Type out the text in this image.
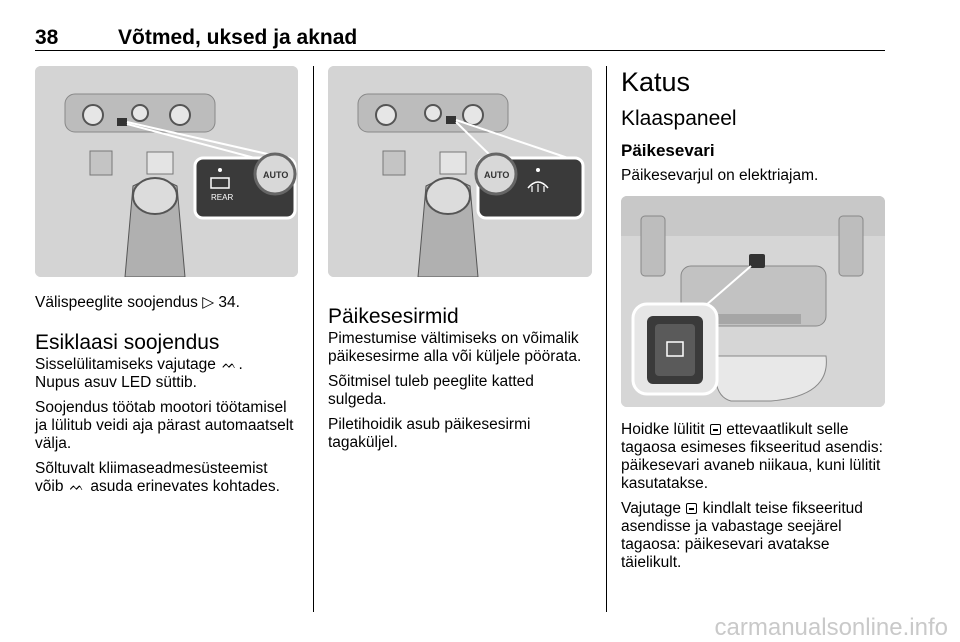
38	Võtmed, uksed ja aknad
AUTO
REAR

Välispeeglite soojendus ▷ 34.

Esiklaasi soojendus

Sisselülitamiseks vajutage ᨓ .
Nupus asuv LED süttib.

Soojendus töötab mootori töötamisel ja lülitub veidi aja pärast automaatselt välja.

Sõltuvalt kliimaseadmesüsteemist võib ᨓ asuda erinevates kohtades.

AUTO
Päikesesirmid

Pimestumise vältimiseks on võimalik päikesesirme alla või küljele pöörata.

Sõitmisel tuleb peeglite katted sulgeda.

Piletihoidik asub päikesesirmi tagaküljel.

Katus
Klaaspaneel
Päikesevari

Päikesevarjul on elektriajam.

Hoidke lülitit ettevaatlikult selle tagaosa esimeses fikseeritud asendis: päikesevari avaneb niikaua, kuni lülitit kasutatakse.

Vajutage kindlalt teise fikseeritud asendisse ja vabastage seejärel tagaosa: päikesevari avatakse täielikult.

carmanualsonline.info
